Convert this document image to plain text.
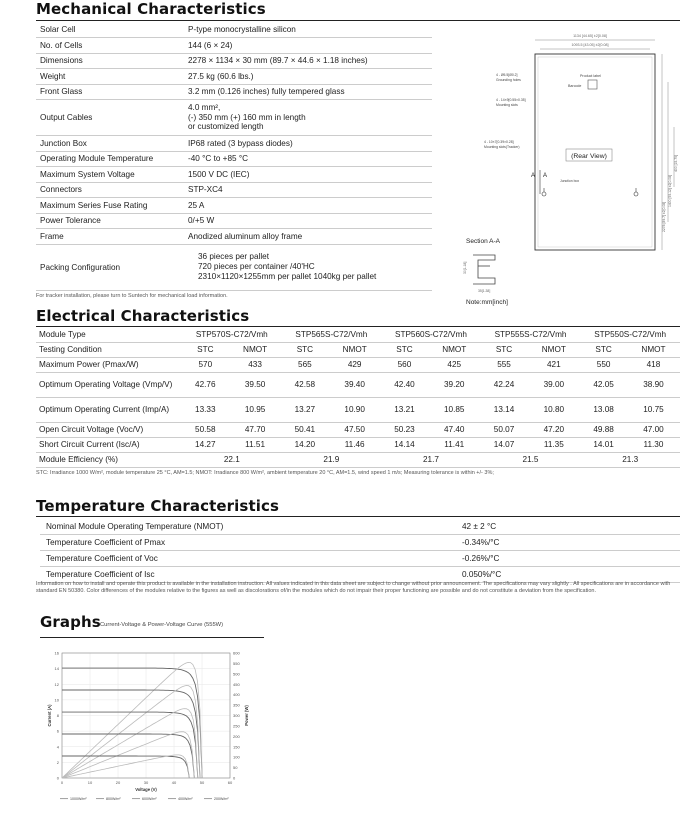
Mechanical Characteristics
Solar Cell	P-type monocrystalline silicon
No. of Cells	144 (6 × 24)
Dimensions	2278 × 1134 × 30 mm (89.7 × 44.6 × 1.18 inches)
Weight	27.5 kg (60.6 lbs.)
Front Glass	3.2 mm (0.126 inches) fully tempered glass
Output Cables	4.0 mm²,
(-) 350 mm (+) 160 mm in length
or customized length

Junction Box	IP68 rated (3 bypass diodes)
Operating Module Temperature	-40 °C to +85 °C
Maximum System Voltage	1500 V DC (IEC)
Connectors	STP-XC4
Maximum Series Fuse Rating	25 A
Power Tolerance	0/+5 W
Frame	Anodized aluminum alloy frame
Packing Configuration	36 pieces per pallet
720 pieces per container /40'HC
2310×1120×1255mm per pallet 1040kg per pallet
For tracker installation, please turn to Suntech for mechanical load information.
1134 [44.65] ±2[0.08]
1093.5 [43.05] ±2[0.08]
Product label
Barcode
4 - Ø5.5[Ø0.2]
Grounding holes
4 - 14×9[0.55×0.35]
Mounting slots
4 - 10×7[0.39×0.28]
Mounting slots(Tracker)
(Rear View)
Junction box
A A
2278 [89.7] ±2[0.08]
1400 [55.12] ±2[0.08]
400 [15.75]
Section A-A
30[1.18]
35[1.38]
Note:mm[inch]
Electrical Characteristics
Module Type	STP570S-C72/Vmh		STP565S-C72/Vmh		STP560S-C72/Vmh		STP555S-C72/Vmh		STP550S-C72/Vmh	
Testing Condition	STC	NMOT	STC	NMOT	STC	NMOT	STC	NMOT	STC	NMOT
Maximum Power (Pmax/W)	570	433	565	429	560	425	555	421	550	418
Optimum Operating Voltage (Vmp/V)	42.76	39.50	42.58	39.40	42.40	39.20	42.24	39.00	42.05	38.90
Optimum Operating Current (Imp/A)	13.33	10.95	13.27	10.90	13.21	10.85	13.14	10.80	13.08	10.75
Open Circuit Voltage (Voc/V)	50.58	47.70	50.41	47.50	50.23	47.40	50.07	47.20	49.88	47.00
Short Circuit Current (Isc/A)	14.27	11.51	14.20	11.46	14.14	11.41	14.07	11.35	14.01	11.30
Module Efficiency (%)	22.1		21.9		21.7		21.5		21.3	
STC: Irradiance 1000 W/m², module temperature 25 °C, AM=1.5; NMOT: Irradiance 800 W/m², ambient temperature 20 °C, AM=1.5, wind speed 1 m/s; Measuring tolerance is within +/- 3%;
Temperature Characteristics
Nominal Module Operating Temperature (NMOT)	42 ± 2 °C
Temperature Coefficient of Pmax	-0.34%/°C
Temperature Coefficient of Voc	-0.26%/°C
Temperature Coefficient of Isc	0.050%/°C
Information on how to install and operate this product is available in the installation instruction. All values indicated in this data sheet are subject to change without prior announcement. The specifications may vary slightly . All specifications are in accordance with standard EN 50380. Color differences of the modules relative to the figures as well as discolorations of/in the modules which do not impair their proper functioning are possible and do not constitute a deviation from the specification.
Graphs Current-Voltage & Power-Voltage Curve (555W)
0
2
4
6
8
10
12
14
16
0
50
100
150
200
250
300
350
400
450
500
550
600
0	10	20	30	40	50	60
Voltage (V)
Current (A)	Power (W)
1000W/m²	800W/m²	600W/m²	400W/m²	200W/m²
